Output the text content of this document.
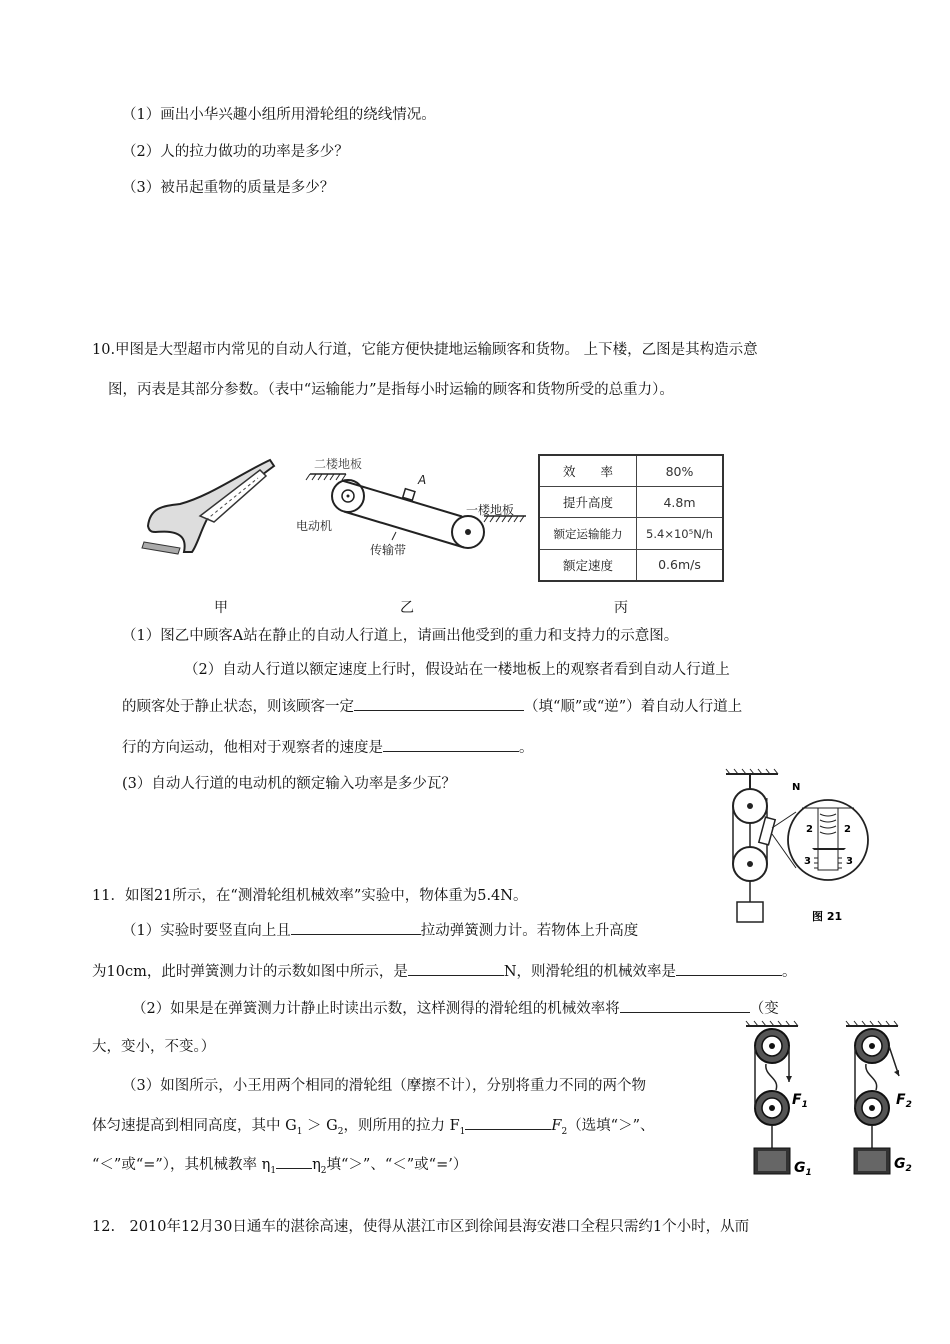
（1）画出小华兴趣小组所用滑轮组的绕线情况。
（2）人的拉力做功的功率是多少？
（3）被吊起重物的质量是多少？
10.甲图是大型超市内常见的自动人行道，它能方便快捷地运输顾客和货物。 上下楼，乙图是其构造示意
图，丙表是其部分参数。（表中“运输能力”是指每小时运输的顾客和货物所受的总重力）。
二楼地板
A
一楼地板
电动机
传输带
效　　率	80%
提升高度	4.8m
额定运输能力	5.4×10⁵N/h
额定速度	0.6m/s
甲	乙	丙
（1）图乙中顾客A站在静止的自动人行道上，请画出他受到的重力和支持力的示意图。
（2）自动人行道以额定速度上行时，假设站在一楼地板上的观察者看到自动人行道上
的顾客处于静止状态，则该顾客一定	（填“顺”或“逆”）着自动人行道上
行的方向运动，他相对于观察者的速度是	。
(3）自动人行道的电动机的额定输入功率是多少瓦？	N
2	2
3	3
图 21
11．如图21所示，在“测滑轮组机械效率”实验中，物体重为5.4N。
（1）实验时要竖直向上且	拉动弹簧测力计。若物体上升高度
为10cm，此时弹簧测力计的示数如图中所示，是	N，则滑轮组的机械效率是	。
（2）如果是在弹簧测力计静止时读出示数，这样测得的滑轮组的机械效率将	（变
大，变小，不变。）
（3）如图所示，小王用两个相同的滑轮组（摩擦不计），分别将重力不同的两个物
体匀速提高到相同高度，其中 $G_1 > G_2$，则所用的拉力 $F_1$	$F_2$（选填“＞”、
“＜”或“=”），其机械教率 $\eta_1$ $\eta_2$填“＞”、“＜”或“=’）
$F_1$	$F_2$
$G_1$
$G_2$
12.　2010年12月30日通车的湛徐高速，使得从湛江市区到徐闻县海安港口全程只需约1个小时，从而
